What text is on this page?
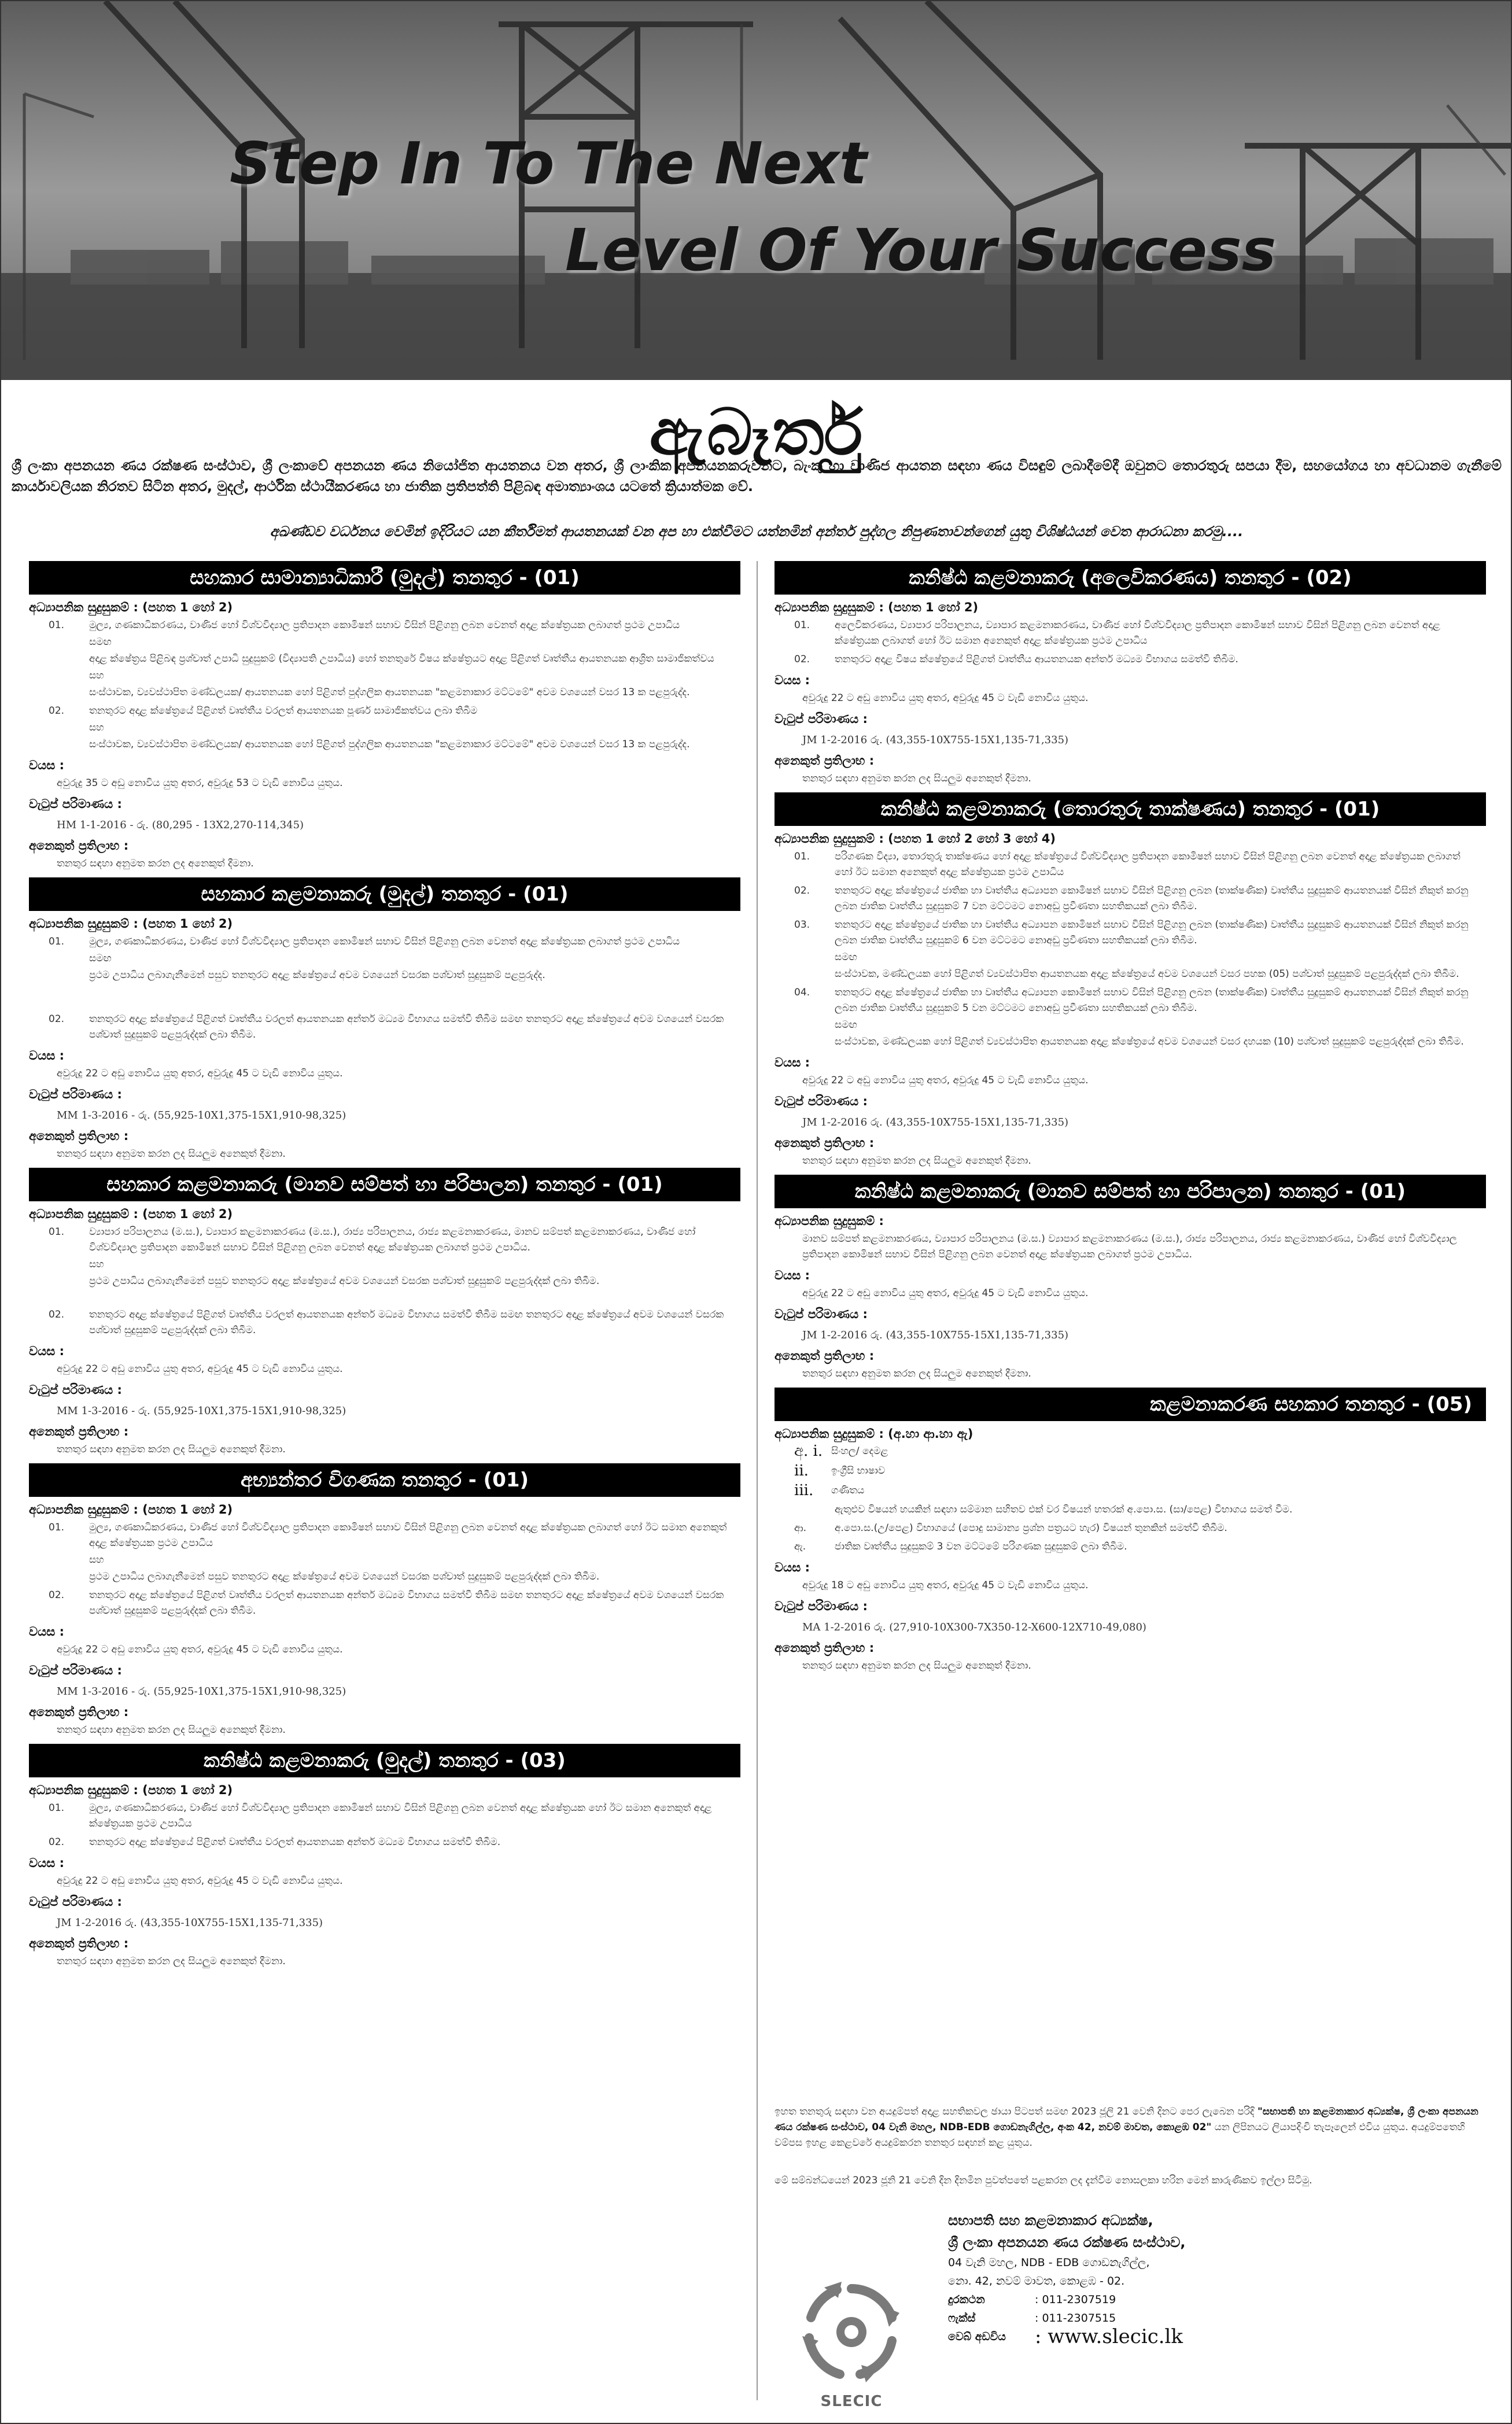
Step In To The Next
Level Of Your Success
ඇබෑර්තු
ශ්‍රී ලංකා අපනයන ණය රක්ෂණ සංස්ථාව, ශ්‍රී ලංකාවේ අපනයන ණය නියෝජිත ආයතනය වන අතර, ශ්‍රී ලාංකික අපනයනකරුවන්ට, බැංකු හා වාණිජ ආයතන සඳහා ණය විසඳුම් ලබාදීමේදී ඔවුනට තොරතුරු සපයා දීම, සහයෝගය හා අවධානම ගැනීමේ කාර්යාවලියක නිරතව සිටින අතර, මුදල්, ආර්ථික ස්ථායීකරණය හා ජාතික ප්‍රතිපත්ති පිළිබඳ අමාත්‍යාංශය යටතේ ක්‍රියාත්මක වේ.
අඛණ්ඩව වර්ධනය වෙමින් ඉදිරියට යන කීර්තිමත් ආයතනයක් වන අප හා එක්වීමට යත්නමින් අන්තර් පුද්ගල නිපුණතාවන්ගෙන් යුතු විශිෂ්ඨයන් වෙත ආරාධනා කරමු....
සහකාර සාමාන්‍යාධිකාරී (මුදල්) තනතුර - (01)
අධ්‍යාපනික සුදුසුකම් : (පහත 1 හෝ 2)
01.	මුල්‍ය, ගණකාධිකරණය, වාණිජ හෝ විශ්වවිද්‍යාල ප්‍රතිපාදන කොමිෂන් සභාව විසින් පිළිගනු ලබන වෙනත් අදාළ ක්ෂේත්‍රයක ලබාගත් ප්‍රථම උපාධිය
සමඟ
අදාළ ක්ෂේත්‍රය පිළිබඳ ප්‍රශ්චාත් උපාධි සුදුසුකම් (විද්‍යාපති උපාධිය) හෝ තනතුරේ විෂය ක්ෂේත්‍රයට අදාළ පිළිගත් වෘත්තීය ආයතනයක ආශ්‍රිත සාමාජිකත්වය
සහ
සංස්ථාවක, ව්‍යවස්ථාපිත මණ්ඩලයක/ ආයතනයක හෝ පිළිගත් පුද්ගලික ආයතනයක "කළමනාකාර මට්ටමේ" අවම වශයෙන් වසර 13 ක පළපුරුද්ද.
02.	තනතුරට අදාළ ක්ෂේත්‍රයේ පිළිගත් වෘත්තීය වරලත් ආයතනයක පූර්ණ සාමාජිකත්වය ලබා තිබීම
සහ
සංස්ථාවක, ව්‍යවස්ථාපිත මණ්ඩලයක/ ආයතනයක හෝ පිළිගත් පුද්ගලික ආයතනයක "කළමනාකාර මට්ටමේ" අවම වශයෙන් වසර 13 ක පළපුරුද්ද.
වයස :
අවුරුදු 35 ට අඩු නොවිය යුතු අතර, අවුරුදු 53 ට වැඩි නොවිය යුතුය.
වැටුප් පරිමාණය :
HM 1-1-2016 - රු. (80,295 - 13X2,270-114,345)
අනෙකුත් ප්‍රතිලාභ :
තනතුර සඳහා අනුමත කරන ලද අනෙකුත් දීමනා.
සහකාර කළමනාකරු (මුදල්) තනතුර - (01)
අධ්‍යාපනික සුදුසුකම් : (පහත 1 හෝ 2)
01.	මුල්‍ය, ගණකාධිකරණය, වාණිජ හෝ විශ්වවිද්‍යාල ප්‍රතිපාදන කොමිෂන් සභාව විසින් පිළිගනු ලබන වෙනත් අදාළ ක්ෂේත්‍රයක ලබාගත් ප්‍රථම උපාධිය
සමඟ
ප්‍රථම උපාධිය ලබාගැනීමෙන් පසුව තනතුරට අදාළ ක්ෂේත්‍රයේ අවම වශයෙන් වසරක පශ්චාත් සුදුසුකම් පළපුරුද්ද.
02.	තනතුරට අදාළ ක්ෂේත්‍රයේ පිළිගත් වෘත්තීය වරලත් ආයතනයක අන්තර් මධ්‍යම විභාගය සමත්වී තිබීම සමඟ තනතුරට අදාළ ක්ෂේත්‍රයේ අවම වශයෙන් වසරක පශ්චාත් සුදුසුකම් පළපුරුද්දක් ලබා තිබීම.
වයස :
අවුරුදු 22 ට අඩු නොවිය යුතු අතර, අවුරුදු 45 ට වැඩි නොවිය යුතුය.
වැටුප් පරිමාණය :
MM 1-3-2016 - රු. (55,925-10X1,375-15X1,910-98,325)
අනෙකුත් ප්‍රතිලාභ :
තනතුර සඳහා අනුමත කරන ලද සියලුම අනෙකුත් දීමනා.
සහකාර කළමනාකරු (මානව සම්පත් හා පරිපාලන) තනතුර - (01)
අධ්‍යාපනික සුදුසුකම් : (පහත 1 හෝ 2)
01.	ව්‍යාපාර පරිපාලනය (ම.ස.), ව්‍යාපාර කළමනාකරණය (ම.ස.), රාජ්‍ය පරිපාලනය, රාජ්‍ය කළමනාකරණය, මානව සම්පත් කළමනාකරණය, වාණිජ හෝ විශ්වවිද්‍යාල ප්‍රතිපාදන කොමිෂන් සභාව විසින් පිළිගනු ලබන වෙනත් අදාළ ක්ෂේත්‍රයක ලබාගත් ප්‍රථම උපාධිය.
සහ
ප්‍රථම උපාධිය ලබාගැනීමෙන් පසුව තනතුරට අදාළ ක්ෂේත්‍රයේ අවම වශයෙන් වසරක පශ්චාත් සුදුසුකම් පළපුරුද්දක් ලබා තිබීම.
02.	තනතුරට අදාළ ක්ෂේත්‍රයේ පිළිගත් වෘත්තීය වරලත් ආයතනයක අන්තර් මධ්‍යම විභාගය සමත්වී තිබීම සමඟ තනතුරට අදාළ ක්ෂේත්‍රයේ අවම වශයෙන් වසරක පශ්චාත් සුදුසුකම් පළපුරුද්දක් ලබා තිබීම.
වයස :
අවුරුදු 22 ට අඩු නොවිය යුතු අතර, අවුරුදු 45 ට වැඩි නොවිය යුතුය.
වැටුප් පරිමාණය :
MM 1-3-2016 - රු. (55,925-10X1,375-15X1,910-98,325)
අනෙකුත් ප්‍රතිලාභ :
තනතුර සඳහා අනුමත කරන ලද සියලුම අනෙකුත් දීමනා.
අභ්‍යන්තර විගණක තනතුර - (01)
අධ්‍යාපනික සුදුසුකම් : (පහත 1 හෝ 2)
01.	මුල්‍ය, ගණකාධිකරණය, වාණිජ හෝ විශ්වවිද්‍යාල ප්‍රතිපාදන කොමිෂන් සභාව විසින් පිළිගනු ලබන වෙනත් අදාළ ක්ෂේත්‍රයක ලබාගත් හෝ ඊට සමාන අනෙකුත් අදාළ ක්ෂේත්‍රයක ප්‍රථම උපාධිය
සහ
ප්‍රථම උපාධිය ලබාගැනීමෙන් පසුව තනතුරට අදාළ ක්ෂේත්‍රයේ අවම වශයෙන් වසරක පශ්චාත් සුදුසුකම් පළපුරුද්දක් ලබා තිබීම.
02.	තනතුරට අදාළ ක්ෂේත්‍රයේ පිළිගත් වෘත්තීය වරලත් ආයතනයක අන්තර් මධ්‍යම විභාගය සමත්වී තිබීම සමඟ තනතුරට අදාළ ක්ෂේත්‍රයේ අවම වශයෙන් වසරක පශ්චාත් සුදුසුකම් පළපුරුද්දක් ලබා තිබීම.
වයස :
අවුරුදු 22 ට අඩු නොවිය යුතු අතර, අවුරුදු 45 ට වැඩි නොවිය යුතුය.
වැටුප් පරිමාණය :
MM 1-3-2016 - රු. (55,925-10X1,375-15X1,910-98,325)
අනෙකුත් ප්‍රතිලාභ :
තනතුර සඳහා අනුමත කරන ලද සියලුම අනෙකුත් දීමනා.
කනිෂ්ඨ කළමනාකරු (මුදල්) තනතුර - (03)
අධ්‍යාපනික සුදුසුකම් : (පහත 1 හෝ 2)
01.	මුල්‍ය, ගණකාධිකරණය, වාණිජ හෝ විශ්වවිද්‍යාල ප්‍රතිපාදන කොමිෂන් සභාව විසින් පිළිගනු ලබන වෙනත් අදාළ ක්ෂේත්‍රයක හෝ ඊට සමාන අනෙකුත් අදාළ ක්ෂේත්‍රයක ප්‍රථම උපාධිය
02.	තනතුරට අදාළ ක්ෂේත්‍රයේ පිළිගත් වෘත්තීය වරලත් ආයතනයක අන්තර් මධ්‍යම විභාගය සමත්වී තිබීම.
වයස :
අවුරුදු 22 ට අඩු නොවිය යුතු අතර, අවුරුදු 45 ට වැඩි නොවිය යුතුය.
වැටුප් පරිමාණය :
JM 1-2-2016 රු. (43,355-10X755-15X1,135-71,335)
අනෙකුත් ප්‍රතිලාභ :
තනතුර සඳහා අනුමත කරන ලද සියලුම අනෙකුත් දීමනා.
කනිෂ්ඨ කළමනාකරු (අලෙවිකරණය) තනතුර - (02)
අධ්‍යාපනික සුදුසුකම් : (පහත 1 හෝ 2)
01.	අලෙවිකරණය, ව්‍යාපාර පරිපාලනය, ව්‍යාපාර කළමනාකරණය, වාණිජ හෝ විශ්වවිද්‍යාල ප්‍රතිපාදන කොමිෂන් සභාව විසින් පිළිගනු ලබන වෙනත් අදාළ ක්ෂේත්‍රයක ලබාගත් හෝ ඊට සමාන අනෙකුත් අදාළ ක්ෂේත්‍රයක ප්‍රථම උපාධිය
02.	තනතුරට අදාළ විෂය ක්ෂේත්‍රයේ පිළිගත් වෘත්තීය ආයතනයක අන්තර් මධ්‍යම විභාගය සමත්වී තිබීම.
වයස :
අවුරුදු 22 ට අඩු නොවිය යුතු අතර, අවුරුදු 45 ට වැඩි නොවිය යුතුය.
වැටුප් පරිමාණය :
JM 1-2-2016 රු. (43,355-10X755-15X1,135-71,335)
අනෙකුත් ප්‍රතිලාභ :
තනතුර සඳහා අනුමත කරන ලද සියලුම අනෙකුත් දීමනා.
කනිෂ්ඨ කළමනාකරු (තොරතුරු තාක්ෂණය) තනතුර - (01)
අධ්‍යාපනික සුදුසුකම් : (පහත 1 හෝ 2 හෝ 3 හෝ 4)
01.	පරිගණක විද්‍යා, තොරතුරු තාක්ෂණය හෝ අදාළ ක්ෂේත්‍රයේ විශ්වවිද්‍යාල ප්‍රතිපාදන කොමිෂන් සභාව විසින් පිළිගනු ලබන වෙනත් අදාළ ක්ෂේත්‍රයක ලබාගත් හෝ ඊට සමාන අනෙකුත් අදාළ ක්ෂේත්‍රයක ප්‍රථම උපාධිය
02.	තනතුරට අදාළ ක්ෂේත්‍රයේ ජාතික හා වෘත්තීය අධ්‍යාපන කොමිෂන් සභාව විසින් පිළිගනු ලබන (තාක්ෂණික) වෘත්තීය සුදුසුකම් ආයතනයක් විසින් නිකුත් කරනු ලබන ජාතික වෘත්තීය සුදුසුකම් 7 වන මට්ටමට නොඅඩු ප්‍රවීණතා සහතිකයක් ලබා තිබීම.
03.	තනතුරට අදාළ ක්ෂේත්‍රයේ ජාතික හා වෘත්තීය අධ්‍යාපන කොමිෂන් සභාව විසින් පිළිගනු ලබන (තාක්ෂණික) වෘත්තීය සුදුසුකම් ආයතනයක් විසින් නිකුත් කරනු ලබන ජාතික වෘත්තීය සුදුසුකම් 6 වන මට්ටමට නොඅඩු ප්‍රවීණතා සහතිකයක් ලබා තිබීම.
සමඟ
සංස්ථාවක, මණ්ඩලයක හෝ පිළිගත් ව්‍යවස්ථාපිත ආයතනයක අදාළ ක්ෂේත්‍රයේ අවම වශයෙන් වසර පහක (05) පශ්චාත් සුදුසුකම් පළපුරුද්දක් ලබා තිබීම.
04.	තනතුරට අදාළ ක්ෂේත්‍රයේ ජාතික හා වෘත්තීය අධ්‍යාපන කොමිෂන් සභාව විසින් පිළිගනු ලබන (තාක්ෂණික) වෘත්තීය සුදුසුකම් ආයතනයක් විසින් නිකුත් කරනු ලබන ජාතික වෘත්තීය සුදුසුකම් 5 වන මට්ටමට නොඅඩු ප්‍රවීණතා සහතිකයක් ලබා තිබීම.
සමඟ
සංස්ථාවක, මණ්ඩලයක හෝ පිළිගත් ව්‍යවස්ථාපිත ආයතනයක අදාළ ක්ෂේත්‍රයේ අවම වශයෙන් වසර දහයක (10) පශ්චාත් සුදුසුකම් පළපුරුද්දක් ලබා තිබීම.
වයස :
අවුරුදු 22 ට අඩු නොවිය යුතු අතර, අවුරුදු 45 ට වැඩි නොවිය යුතුය.
වැටුප් පරිමාණය :
JM 1-2-2016 රු. (43,355-10X755-15X1,135-71,335)
අනෙකුත් ප්‍රතිලාභ :
තනතුර සඳහා අනුමත කරන ලද සියලුම අනෙකුත් දීමනා.
කනිෂ්ඨ කළමනාකරු (මානව සම්පත් හා පරිපාලන) තනතුර - (01)
අධ්‍යාපනික සුදුසුකම් :
මානව සම්පත් කළමනාකරණය, ව්‍යාපාර පරිපාලනය (ම.ස.) ව්‍යාපාර කළමනාකරණය (ම.ස.), රාජ්‍ය පරිපාලනය, රාජ්‍ය කළමනාකරණය, වාණිජ හෝ විශ්වවිද්‍යාල ප්‍රතිපාදන කොමිෂන් සභාව විසින් පිළිගනු ලබන වෙනත් අදාළ ක්ෂේත්‍රයක ලබාගත් ප්‍රථම උපාධිය.
වයස :
අවුරුදු 22 ට අඩු නොවිය යුතු අතර, අවුරුදු 45 ට වැඩි නොවිය යුතුය.
වැටුප් පරිමාණය :
JM 1-2-2016 රු. (43,355-10X755-15X1,135-71,335)
අනෙකුත් ප්‍රතිලාභ :
තනතුර සඳහා අනුමත කරන ලද සියලුම අනෙකුත් දීමනා.
කළමනාකරණ සහකාර තනතුර - (05)
අධ්‍යාපනික සුදුසුකම් : (අ.හා ආ.හා ඇ)
අ. i. සිංහල/ දෙමළ
ii.	ඉංග්‍රීසි භාෂාව
iii.	ගණිතය
ඇතුළුව විෂයන් හයකින් සඳහා සම්මාන සහිතව එක් වර විෂයන් හතරක් අ.පො.ස. (සා/පෙළ) විභාගය සමත් වීම.
ආ.	අ.පො.ස.(උ/පෙළ) විභාගයේ (පොදු සාමාන්‍ය ප්‍රශ්න පත්‍රයට හැර) විෂයන් තුනකින් සමත්වී තිබීම.
ඇ.	ජාතික වෘත්තීය සුදුසුකම් 3 වන මට්ටමේ පරිගණක සුදුසුකම් ලබා තිබීම.
වයස :
අවුරුදු 18 ට අඩු නොවිය යුතු අතර, අවුරුදු 45 ට වැඩි නොවිය යුතුය.
වැටුප් පරිමාණය :
MA 1-2-2016 රු. (27,910-10X300-7X350-12-X600-12X710-49,080)
අනෙකුත් ප්‍රතිලාභ :
තනතුර සඳහා අනුමත කරන ලද සියලුම අනෙකුත් දීමනා.
ඉහත තනතුරු සඳහා වන අයදුම්පත් අදාළ සහතිකවල ඡායා පිටපත් සමඟ 2023 ජූලි 21 වෙනි දිනට පෙර ලැබෙන පරිදි "සභාපති හා කළමනාකාර අධ්‍යක්ෂ, ශ්‍රී ලංකා අපනයන ණය රක්ෂණ සංස්ථාව, 04 වැනි මහල, NDB-EDB ගොඩනැගිල්ල, අංක 42, නවම් මාවත, කොළඹ 02" යන ලිපිනයට ලියාපදිංචි තැපෑලෙන් එවිය යුතුය. අයදුම්පතෙහි වම්පස ඉහළ කෙළවරේ අයදුම්කරන තනතුර සඳහන් කළ යුතුය.
මේ සම්බන්ධයෙන් 2023 ජූනි 21 වෙනි දින දිනමින පුවත්පතේ පළකරන ලද දැන්වීම නොසලකා හරින මෙන් කාරුණිකව ඉල්ලා සිටිමු.
සභාපති සහ කළමනාකාර අධ්‍යක්ෂ,
ශ්‍රී ලංකා අපනයන ණය රක්ෂණ සංස්ථාව,
04 වැනි මහල, NDB - EDB ගොඩනැගිල්ල,
නො. 42, නවම් මාවත, කොළඹ - 02.
දුරකථන	: 011-2307519
ෆැක්ස්	: 011-2307515
වෙබ් අඩවිය	: www.slecic.lk
SLECIC
